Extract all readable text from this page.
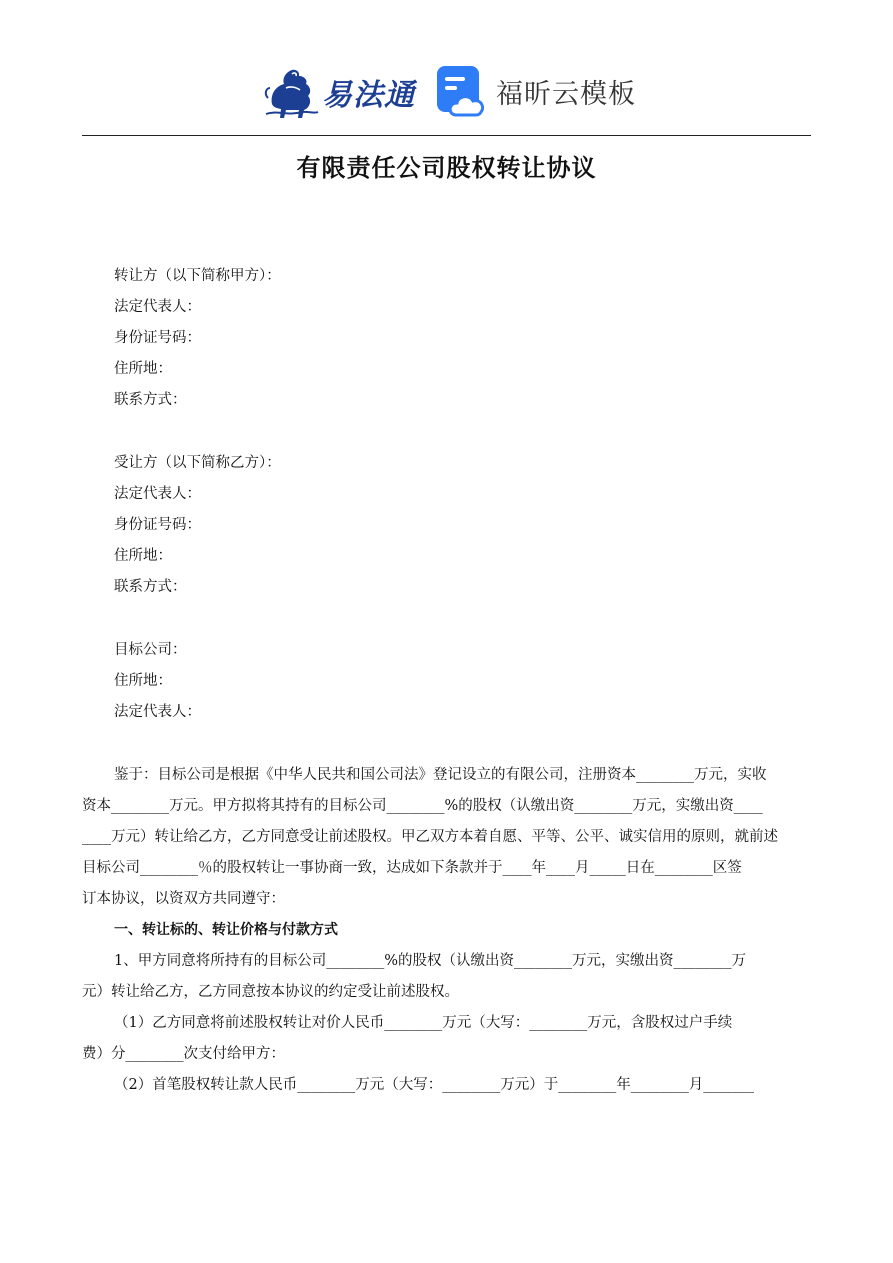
易法通	福昕云模板
有限责任公司股权转让协议
转让方（以下简称甲方）：
法定代表人：
身份证号码：
住所地：
联系方式：
受让方（以下简称乙方）：
法定代表人：
身份证号码：
住所地：
联系方式：
目标公司：
住所地：
法定代表人：
鉴于：目标公司是根据《中华人民共和国公司法》登记设立的有限公司，注册资本________万元，实收
资本________万元。甲方拟将其持有的目标公司________%的股权（认缴出资________万元，实缴出资____
____万元）转让给乙方，乙方同意受让前述股权。甲乙双方本着自愿、平等、公平、诚实信用的原则，就前述
目标公司________％的股权转让一事协商一致，达成如下条款并于____年____月_____日在________区签
订本协议，以资双方共同遵守：
一、转让标的、转让价格与付款方式
1、甲方同意将所持有的目标公司________%的股权（认缴出资________万元，实缴出资________万
元）转让给乙方，乙方同意按本协议的约定受让前述股权。
（1）乙方同意将前述股权转让对价人民币________万元（大写：________万元，含股权过户手续
费）分________次支付给甲方：
（2）首笔股权转让款人民币________万元（大写：________万元）于________年________月_______
